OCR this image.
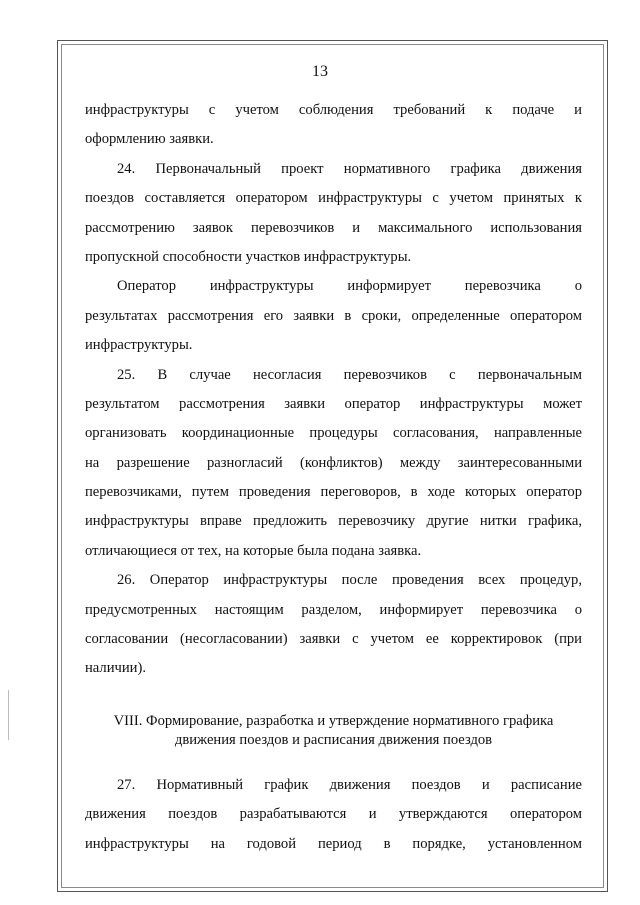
13
инфраструктуры с учетом соблюдения требований к подаче и
оформлению заявки.
24. Первоначальный проект нормативного графика движения
поездов составляется оператором инфраструктуры с учетом принятых к
рассмотрению заявок перевозчиков и максимального использования
пропускной способности участков инфраструктуры.
Оператор инфраструктуры информирует перевозчика о
результатах рассмотрения его заявки в сроки, определенные оператором
инфраструктуры.
25. В случае несогласия перевозчиков с первоначальным
результатом рассмотрения заявки оператор инфраструктуры может
организовать координационные процедуры согласования, направленные
на разрешение разногласий (конфликтов) между заинтересованными
перевозчиками, путем проведения переговоров, в ходе которых оператор
инфраструктуры вправе предложить перевозчику другие нитки графика,
отличающиеся от тех, на которые была подана заявка.
26. Оператор инфраструктуры после проведения всех процедур,
предусмотренных настоящим разделом, информирует перевозчика о
согласовании (несогласовании) заявки с учетом ее корректировок (при
наличии).
VIII. Формирование, разработка и утверждение нормативного графика
движения поездов и расписания движения поездов
27. Нормативный график движения поездов и расписание
движения поездов разрабатываются и утверждаются оператором
инфраструктуры на годовой период в порядке, установленном
